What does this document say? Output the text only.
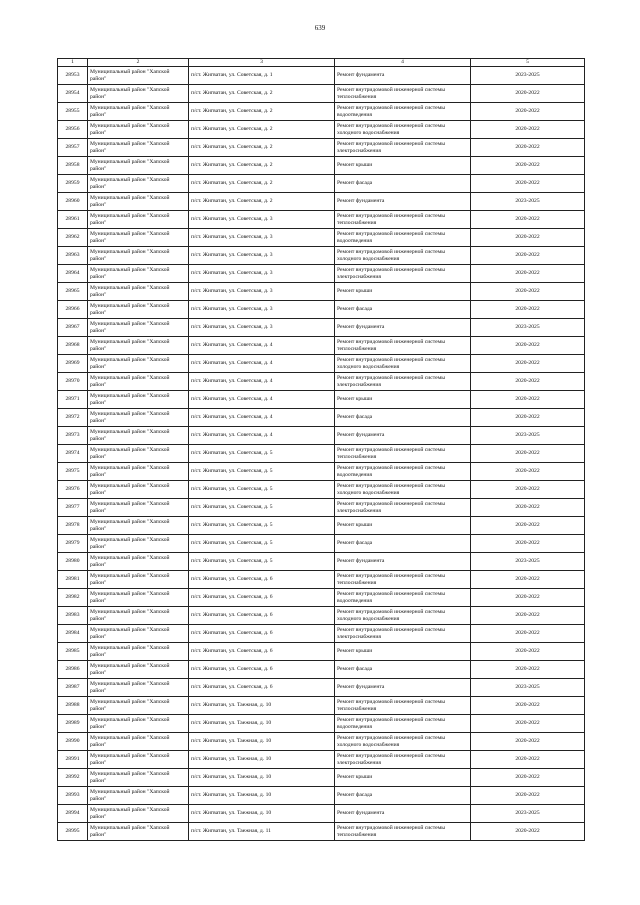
639
1	2	3	4	5
28953	Муниципальный район "Хапской район"	п/ст. Жигватан, ул. Советская, д. 1	Ремонт фундамента	2023-2025
28954	Муниципальный район "Хапской район"	п/ст. Жигватан, ул. Советская, д. 2	Ремонт внутридомовой инженерной системы теплоснабжения	2020-2022
28955	Муниципальный район "Хапской район"	п/ст. Жигватан, ул. Советская, д. 2	Ремонт внутридомовой инженерной системы водоотведения	2020-2022
28956	Муниципальный район "Хапской район"	п/ст. Жигватан, ул. Советская, д. 2	Ремонт внутридомовой инженерной системы холодного водоснабжения	2020-2022
28957	Муниципальный район "Хапской район"	п/ст. Жигватан, ул. Советская, д. 2	Ремонт внутридомовой инженерной системы электроснабжения	2020-2022
28958	Муниципальный район "Хапской район"	п/ст. Жигватан, ул. Советская, д. 2	Ремонт крыши	2020-2022
28959	Муниципальный район "Хапской район"	п/ст. Жигватан, ул. Советская, д. 2	Ремонт фасада	2020-2022
28960	Муниципальный район "Хапской район"	п/ст. Жигватан, ул. Советская, д. 2	Ремонт фундамента	2023-2025
28961	Муниципальный район "Хапской район"	п/ст. Жигватан, ул. Советская, д. 3	Ремонт внутридомовой инженерной системы теплоснабжения	2020-2022
28962	Муниципальный район "Хапской район"	п/ст. Жигватан, ул. Советская, д. 3	Ремонт внутридомовой инженерной системы водоотведения	2020-2022
28963	Муниципальный район "Хапской район"	п/ст. Жигватан, ул. Советская, д. 3	Ремонт внутридомовой инженерной системы холодного водоснабжения	2020-2022
28964	Муниципальный район "Хапской район"	п/ст. Жигватан, ул. Советская, д. 3	Ремонт внутридомовой инженерной системы электроснабжения	2020-2022
28965	Муниципальный район "Хапской район"	п/ст. Жигватан, ул. Советская, д. 3	Ремонт крыши	2020-2022
28966	Муниципальный район "Хапской район"	п/ст. Жигватан, ул. Советская, д. 3	Ремонт фасада	2020-2022
28967	Муниципальный район "Хапской район"	п/ст. Жигватан, ул. Советская, д. 3	Ремонт фундамента	2023-2025
28968	Муниципальный район "Хапской район"	п/ст. Жигватан, ул. Советская, д. 4	Ремонт внутридомовой инженерной системы теплоснабжения	2020-2022
28969	Муниципальный район "Хапской район"	п/ст. Жигватан, ул. Советская, д. 4	Ремонт внутридомовой инженерной системы холодного водоснабжения	2020-2022
28970	Муниципальный район "Хапской район"	п/ст. Жигватан, ул. Советская, д. 4	Ремонт внутридомовой инженерной системы электроснабжения	2020-2022
28971	Муниципальный район "Хапской район"	п/ст. Жигватан, ул. Советская, д. 4	Ремонт крыши	2020-2022
28972	Муниципальный район "Хапской район"	п/ст. Жигватан, ул. Советская, д. 4	Ремонт фасада	2020-2022
28973	Муниципальный район "Хапской район"	п/ст. Жигватан, ул. Советская, д. 4	Ремонт фундамента	2023-2025
28974	Муниципальный район "Хапской район"	п/ст. Жигватан, ул. Советская, д. 5	Ремонт внутридомовой инженерной системы теплоснабжения	2020-2022
28975	Муниципальный район "Хапской район"	п/ст. Жигватан, ул. Советская, д. 5	Ремонт внутридомовой инженерной системы водоотведения	2020-2022
28976	Муниципальный район "Хапской район"	п/ст. Жигватан, ул. Советская, д. 5	Ремонт внутридомовой инженерной системы холодного водоснабжения	2020-2022
28977	Муниципальный район "Хапской район"	п/ст. Жигватан, ул. Советская, д. 5	Ремонт внутридомовой инженерной системы электроснабжения	2020-2022
28978	Муниципальный район "Хапской район"	п/ст. Жигватан, ул. Советская, д. 5	Ремонт крыши	2020-2022
28979	Муниципальный район "Хапской район"	п/ст. Жигватан, ул. Советская, д. 5	Ремонт фасада	2020-2022
28980	Муниципальный район "Хапской район"	п/ст. Жигватан, ул. Советская, д. 5	Ремонт фундамента	2023-2025
28981	Муниципальный район "Хапской район"	п/ст. Жигватан, ул. Советская, д. 6	Ремонт внутридомовой инженерной системы теплоснабжения	2020-2022
28982	Муниципальный район "Хапской район"	п/ст. Жигватан, ул. Советская, д. 6	Ремонт внутридомовой инженерной системы водоотведения	2020-2022
28983	Муниципальный район "Хапской район"	п/ст. Жигватан, ул. Советская, д. 6	Ремонт внутридомовой инженерной системы холодного водоснабжения	2020-2022
28984	Муниципальный район "Хапской район"	п/ст. Жигватан, ул. Советская, д. 6	Ремонт внутридомовой инженерной системы электроснабжения	2020-2022
28985	Муниципальный район "Хапской район"	п/ст. Жигватан, ул. Советская, д. 6	Ремонт крыши	2020-2022
28986	Муниципальный район "Хапской район"	п/ст. Жигватан, ул. Советская, д. 6	Ремонт фасада	2020-2022
28987	Муниципальный район "Хапской район"	п/ст. Жигватан, ул. Советская, д. 6	Ремонт фундамента	2023-2025
28988	Муниципальный район "Хапской район"	п/ст. Жигватан, ул. Таежная, д. 10	Ремонт внутридомовой инженерной системы теплоснабжения	2020-2022
28989	Муниципальный район "Хапской район"	п/ст. Жигватан, ул. Таежная, д. 10	Ремонт внутридомовой инженерной системы водоотведения	2020-2022
28990	Муниципальный район "Хапской район"	п/ст. Жигватан, ул. Таежная, д. 10	Ремонт внутридомовой инженерной системы холодного водоснабжения	2020-2022
28991	Муниципальный район "Хапской район"	п/ст. Жигватан, ул. Таежная, д. 10	Ремонт внутридомовой инженерной системы электроснабжения	2020-2022
28992	Муниципальный район "Хапской район"	п/ст. Жигватан, ул. Таежная, д. 10	Ремонт крыши	2020-2022
28993	Муниципальный район "Хапской район"	п/ст. Жигватан, ул. Таежная, д. 10	Ремонт фасада	2020-2022
28994	Муниципальный район "Хапской район"	п/ст. Жигватан, ул. Таежная, д. 10	Ремонт фундамента	2023-2025
28995	Муниципальный район "Хапской район"	п/ст. Жигватан, ул. Таежная, д. 11	Ремонт внутридомовой инженерной системы теплоснабжения	2020-2022
